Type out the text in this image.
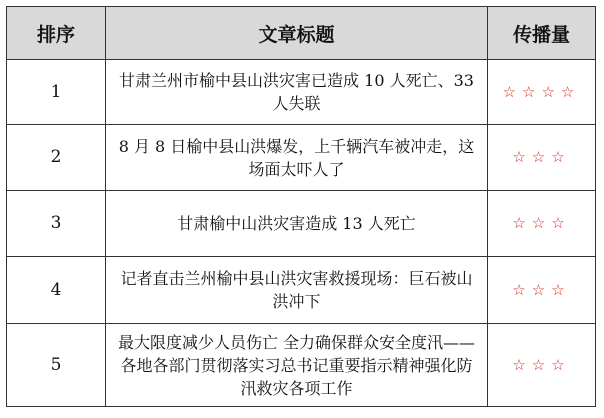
排序	文章标题	传播量
1	甘肃兰州市榆中县山洪灾害已造成 10 人死亡、33 人失联	☆☆☆☆
2	8 月 8 日榆中县山洪爆发，上千辆汽车被冲走，这场面太吓人了	☆☆☆
3	甘肃榆中山洪灾害造成 13 人死亡	☆☆☆
4	记者直击兰州榆中县山洪灾害救援现场：巨石被山洪冲下	☆☆☆
5	最大限度减少人员伤亡 全力确保群众安全度汛——各地各部门贯彻落实习总书记重要指示精神强化防汛救灾各项工作	☆☆☆
